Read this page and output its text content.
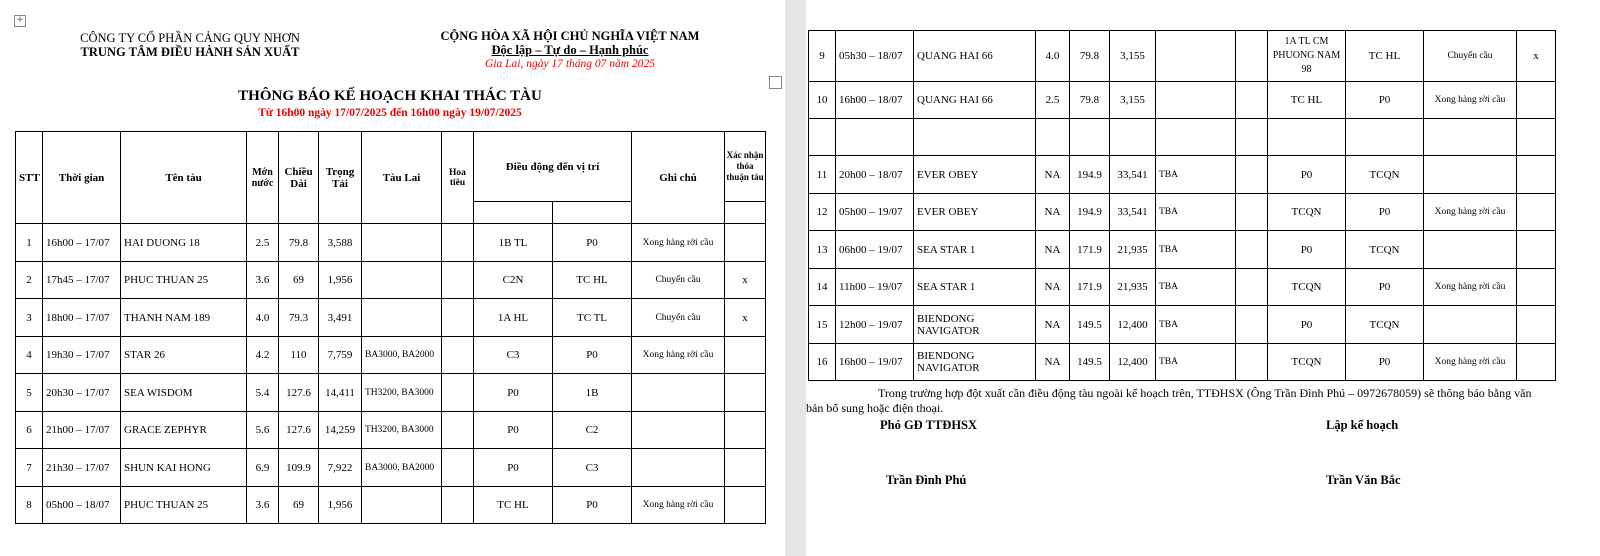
+
CÔNG TY CỔ PHẦN CẢNG QUY NHƠN
TRUNG TÂM ĐIỀU HÀNH SẢN XUẤT
CỘNG HÒA XÃ HỘI CHỦ NGHĨA VIỆT NAM
Độc lập – Tự do – Hạnh phúc
Gia Lai, ngày 17 tháng 07 năm 2025
THÔNG BÁO KẾ HOẠCH KHAI THÁC TÀU
Từ 16h00 ngày 17/07/2025 đến 16h00 ngày 19/07/2025
STT	Thời gian	Tên tàu	Mớn nước	Chiều Dài	Trọng Tải	Tàu Lai	Hoa tiêu	Điều động đến vị trí		Ghi chú	Xác nhận thỏa thuận tàu

1	16h00 – 17/07	HAI DUONG 18	2.5	79.8	3,588			1B TL	P0	Xong hàng rời cầu	
2	17h45 – 17/07	PHUC THUAN 25	3.6	69	1,956			C2N	TC HL	Chuyển cầu	x
3	18h00 – 17/07	THANH NAM 189	4.0	79.3	3,491			1A HL	TC TL	Chuyển cầu	x
4	19h30 – 17/07	STAR 26	4.2	110	7,759	BA3000, BA2000		C3	P0	Xong hàng rời cầu	
5	20h30 – 17/07	SEA WISDOM	5.4	127.6	14,411	TH3200, BA3000		P0	1B		
6	21h00 – 17/07	GRACE ZEPHYR	5.6	127.6	14,259	TH3200, BA3000		P0	C2		
7	21h30 – 17/07	SHUN KAI HONG	6.9	109.9	7,922	BA3000, BA2000		P0	C3		
8	05h00 – 18/07	PHUC THUAN 25	3.6	69	1,956			TC HL	P0	Xong hàng rời cầu	
9	05h30 – 18/07	QUANG HAI 66	4.0	79.8	3,155			1A TL CM PHUONG NAM 98	TC HL	Chuyển cầu	x
10	16h00 – 18/07	QUANG HAI 66	2.5	79.8	3,155			TC HL	P0	Xong hàng rời cầu	

11	20h00 – 18/07	EVER OBEY	NA	194.9	33,541	TBA		P0	TCQN		
12	05h00 – 19/07	EVER OBEY	NA	194.9	33,541	TBA		TCQN	P0	Xong hàng rời cầu	
13	06h00 – 19/07	SEA STAR 1	NA	171.9	21,935	TBA		P0	TCQN		
14	11h00 – 19/07	SEA STAR 1	NA	171.9	21,935	TBA		TCQN	P0	Xong hàng rời cầu	
15	12h00 – 19/07	BIENDONG NAVIGATOR	NA	149.5	12,400	TBA		P0	TCQN		
16	16h00 – 19/07	BIENDONG NAVIGATOR	NA	149.5	12,400	TBA		TCQN	P0	Xong hàng rời cầu	
Trong trường hợp đột xuất cần điều động tàu ngoài kế hoạch trên, TTĐHSX (Ông Trần Đình Phú – 0972678059) sẽ thông báo bằng văn bản bổ sung hoặc điện thoại.
Phó GĐ TTĐHSX	Lập kế hoạch
Trần Đình Phú	Trần Văn Bắc
